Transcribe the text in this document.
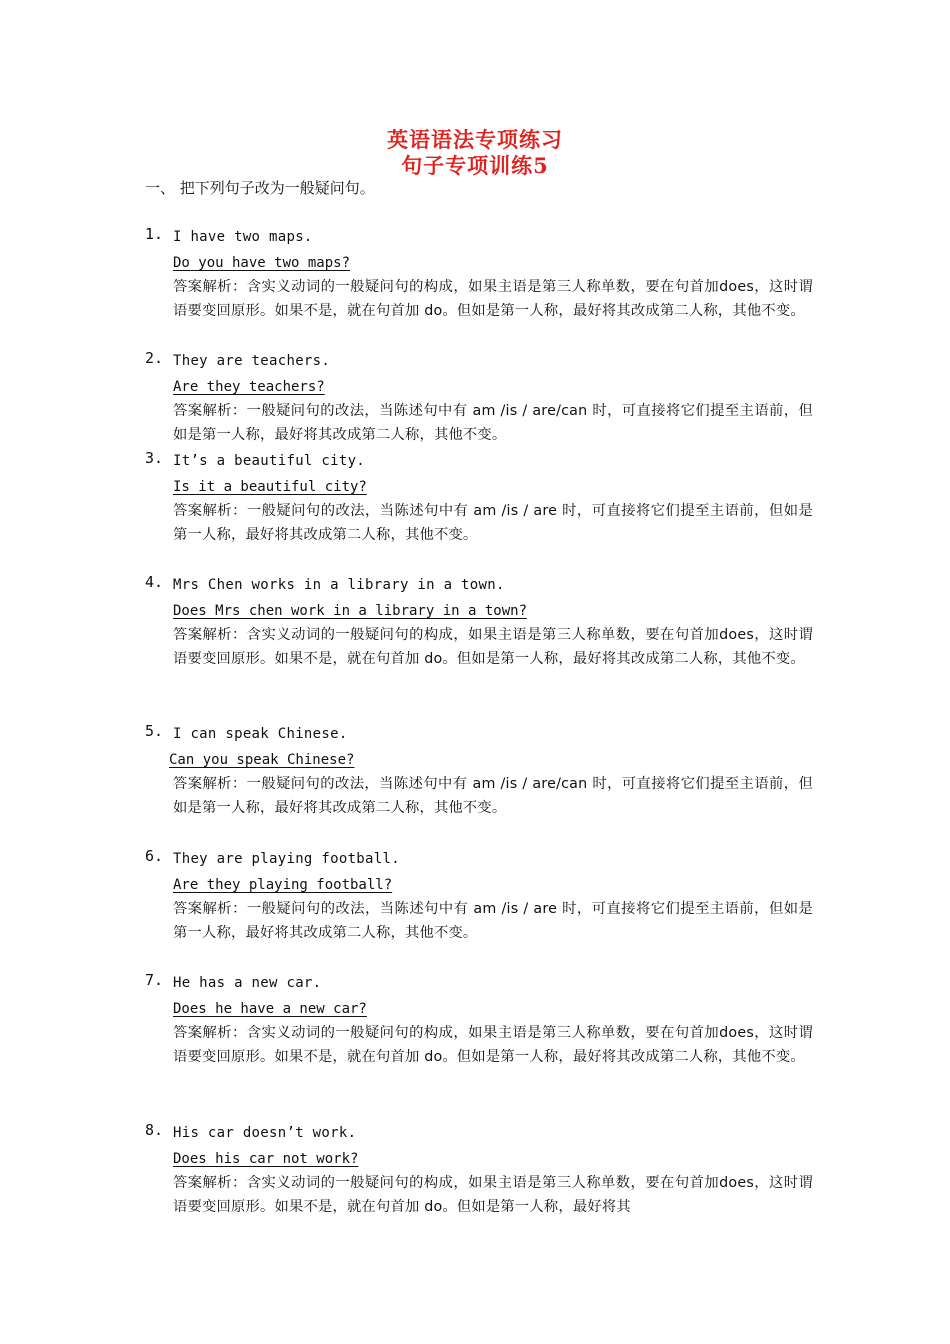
英语语法专项练习
句子专项训练5
一、 把下列句子改为一般疑问句。
1. I have two maps.
Do you have two maps?
答案解析：含实义动词的一般疑问句的构成，如果主语是第三人称单数，要在句首加does，这时谓语要变回原形。如果不是，就在句首加 do。但如是第一人称，最好将其改成第二人称，其他不变。
2. They are teachers.
Are they teachers?
答案解析：一般疑问句的改法，当陈述句中有 am /is / are/can 时，可直接将它们提至主语前，但如是第一人称，最好将其改成第二人称，其他不变。
3. It’s a beautiful city.
Is it a beautiful city?
答案解析：一般疑问句的改法，当陈述句中有 am /is / are 时，可直接将它们提至主语前，但如是第一人称，最好将其改成第二人称，其他不变。
4. Mrs Chen works in a library in a town.
Does Mrs chen work in a library in a town?
答案解析：含实义动词的一般疑问句的构成，如果主语是第三人称单数，要在句首加does，这时谓语要变回原形。如果不是，就在句首加 do。但如是第一人称，最好将其改成第二人称，其他不变。
5. I can speak Chinese.
Can you speak Chinese?
答案解析：一般疑问句的改法，当陈述句中有 am /is / are/can 时，可直接将它们提至主语前，但如是第一人称，最好将其改成第二人称，其他不变。
6. They are playing football.
Are they playing football?
答案解析：一般疑问句的改法，当陈述句中有 am /is / are 时，可直接将它们提至主语前，但如是第一人称，最好将其改成第二人称，其他不变。
7. He has a new car.
Does he have a new car?
答案解析：含实义动词的一般疑问句的构成，如果主语是第三人称单数，要在句首加does，这时谓语要变回原形。如果不是，就在句首加 do。但如是第一人称，最好将其改成第二人称，其他不变。
8. His car doesn’t work.
Does his car not work?
答案解析：含实义动词的一般疑问句的构成，如果主语是第三人称单数，要在句首加does，这时谓语要变回原形。如果不是，就在句首加 do。但如是第一人称，最好将其
